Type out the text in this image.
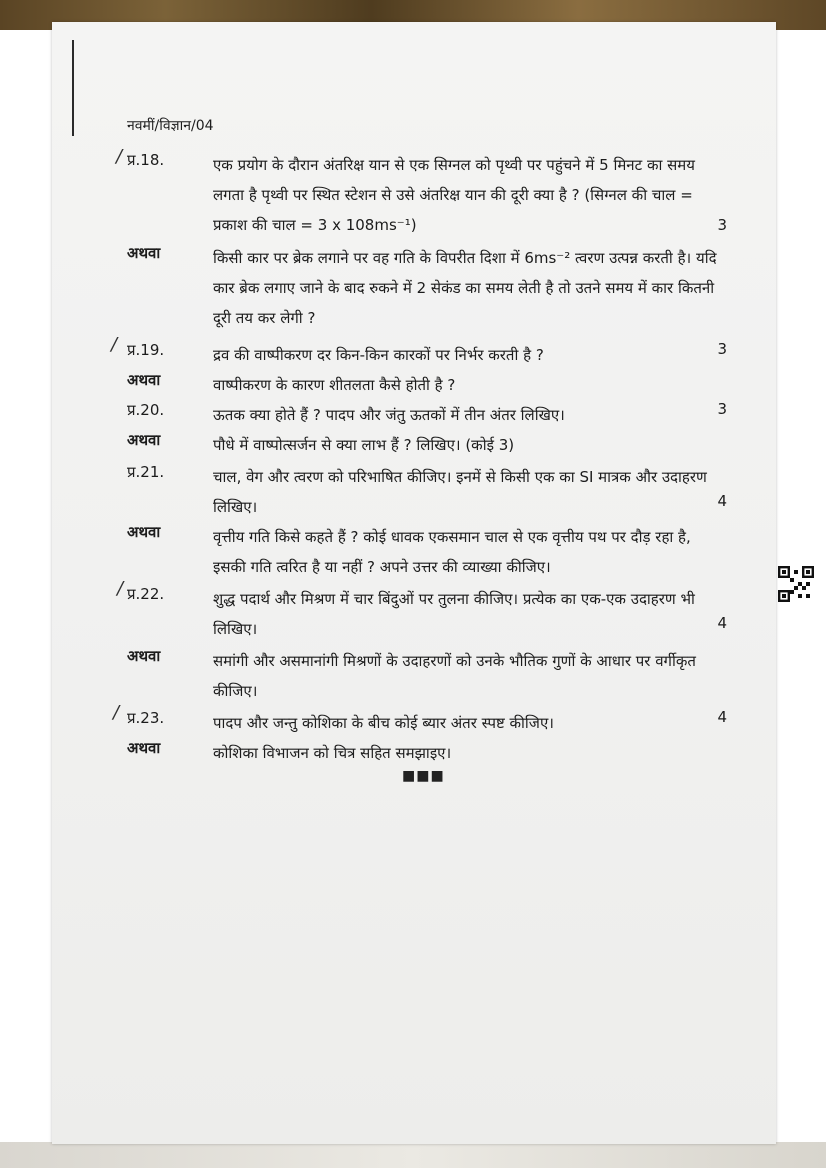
नवमीं/विज्ञान/04
प्र.18.	एक प्रयोग के दौरान अंतरिक्ष यान से एक सिग्नल को पृथ्वी पर पहुंचने में 5 मिनट का समय लगता है पृथ्वी पर स्थित स्टेशन से उसे अंतरिक्ष यान की दूरी क्या है ? (सिग्नल की चाल = प्रकाश की चाल = 3 x 108ms⁻¹)	3
/
अथवा	किसी कार पर ब्रेक लगाने पर वह गति के विपरीत दिशा में 6ms⁻² त्वरण उत्पन्न करती है। यदि कार ब्रेक लगाए जाने के बाद रुकने में 2 सेकंड का समय लेती है तो उतने समय में कार कितनी दूरी तय कर लेगी ?
प्र.19.	द्रव की वाष्पीकरण दर किन-किन कारकों पर निर्भर करती है ?	3
/
अथवा	वाष्पीकरण के कारण शीतलता कैसे होती है ?
प्र.20.	ऊतक क्या होते हैं ? पादप और जंतु ऊतकों में तीन अंतर लिखिए।	3
अथवा	पौधे में वाष्पोत्सर्जन से क्या लाभ हैं ? लिखिए। (कोई 3)
प्र.21.	चाल, वेग और त्वरण को परिभाषित कीजिए। इनमें से किसी एक का SI मात्रक और उदाहरण लिखिए।	4
अथवा	वृत्तीय गति किसे कहते हैं ? कोई धावक एकसमान चाल से एक वृत्तीय पथ पर दौड़ रहा है, इसकी गति त्वरित है या नहीं ? अपने उत्तर की व्याख्या कीजिए।
प्र.22.	शुद्ध पदार्थ और मिश्रण में चार बिंदुओं पर तुलना कीजिए। प्रत्येक का एक-एक उदाहरण भी लिखिए।	4
/
अथवा	समांगी और असमानांगी मिश्रणों के उदाहरणों को उनके भौतिक गुणों के आधार पर वर्गीकृत कीजिए।
प्र.23.	पादप और जन्तु कोशिका के बीच कोई ब्यार अंतर स्पष्ट कीजिए।	4
/
अथवा	कोशिका विभाजन को चित्र सहित समझाइए।
■■■
